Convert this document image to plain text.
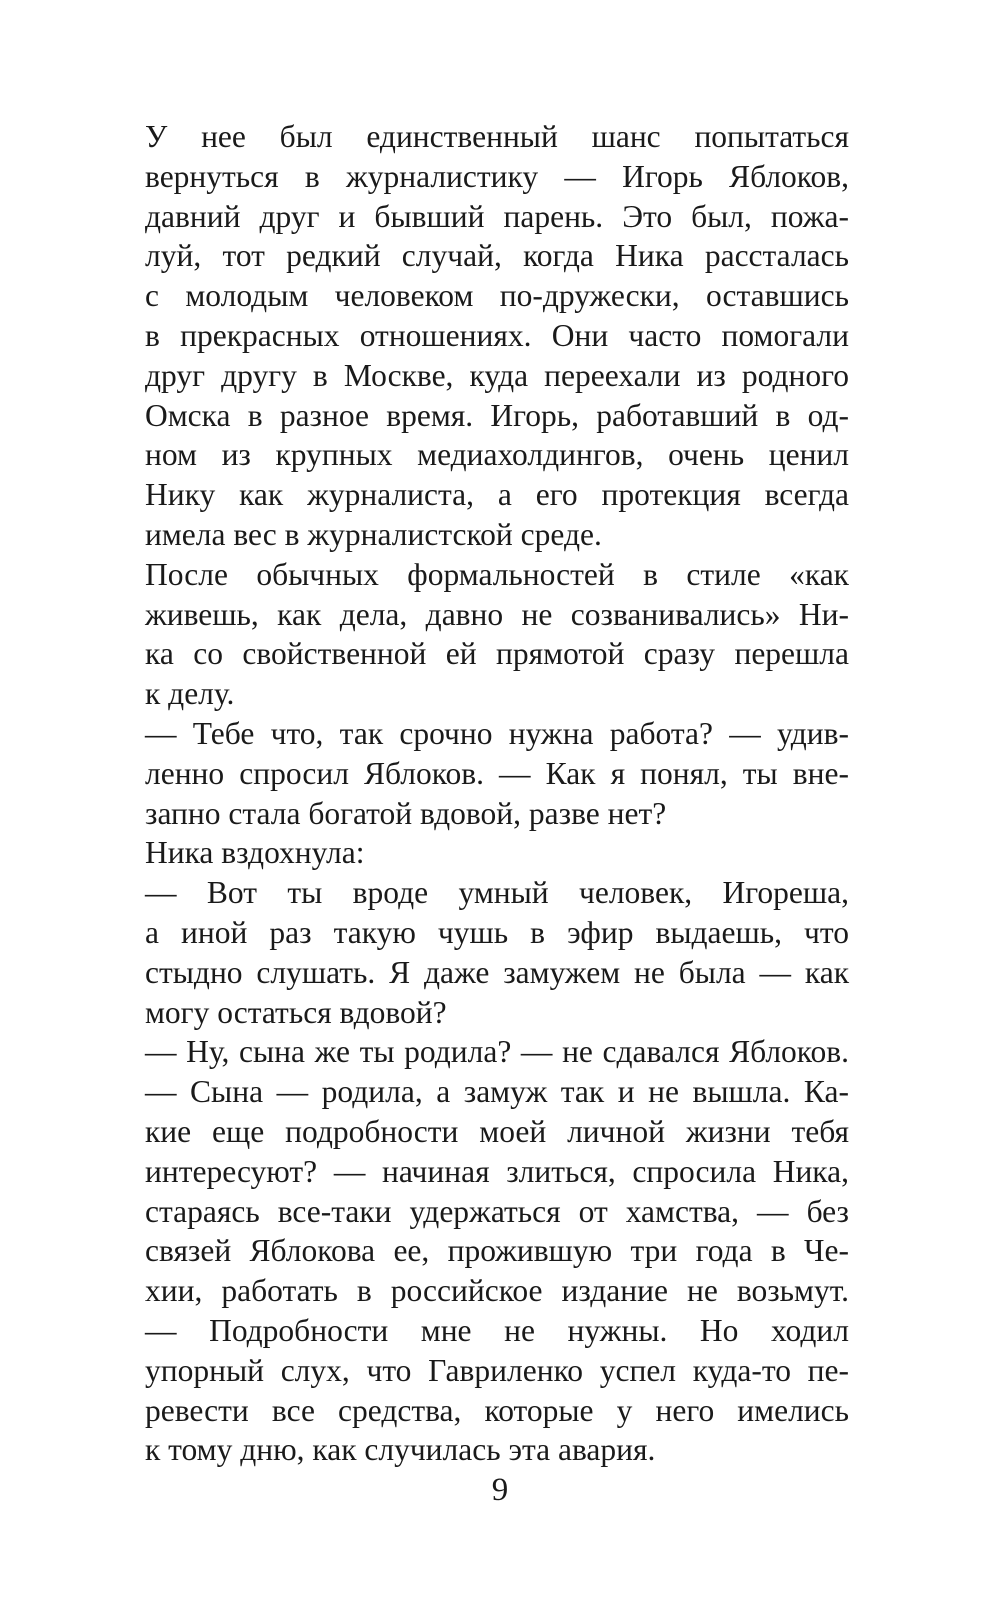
У нее был единственный шанс попытаться
вернуться в журналистику — Игорь Яблоков,
давний друг и бывший парень. Это был, пожа-
луй, тот редкий случай, когда Ника рассталась
с молодым человеком по-дружески, оставшись
в прекрасных отношениях. Они часто помогали
друг другу в Москве, куда переехали из родного
Омска в разное время. Игорь, работавший в од-
ном из крупных медиахолдингов, очень ценил
Нику как журналиста, а его протекция всегда
имела вес в журналистской среде.
После обычных формальностей в стиле «как
живешь, как дела, давно не созванивались» Ни-
ка со свойственной ей прямотой сразу перешла
к делу.
— Тебе что, так срочно нужна работа? — удив-
ленно спросил Яблоков. — Как я понял, ты вне-
запно стала богатой вдовой, разве нет?
Ника вздохнула:
— Вот ты вроде умный человек, Игореша,
а иной раз такую чушь в эфир выдаешь, что
стыдно слушать. Я даже замужем не была — как
могу остаться вдовой?
— Ну, сына же ты родила? — не сдавался Яблоков.
— Сына — родила, а замуж так и не вышла. Ка-
кие еще подробности моей личной жизни тебя
интересуют? — начиная злиться, спросила Ника,
стараясь все-таки удержаться от хамства, — без
связей Яблокова ее, прожившую три года в Че-
хии, работать в российское издание не возьмут.
— Подробности мне не нужны. Но ходил
упорный слух, что Гавриленко успел куда-то пе-
ревести все средства, которые у него имелись
к тому дню, как случилась эта авария.
9
